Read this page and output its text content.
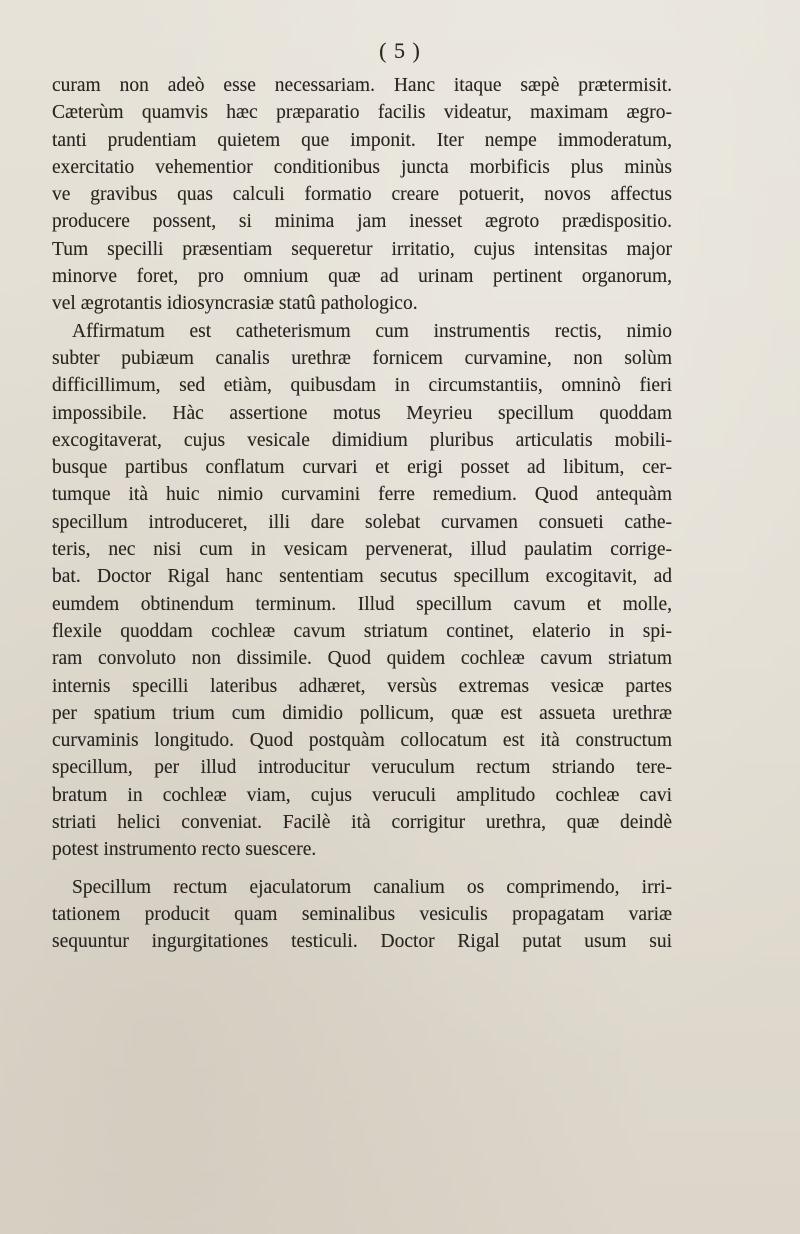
( 5 )
curam non adeò esse necessariam. Hanc itaque sæpè prætermisit.
Cæterùm quamvis hæc præparatio facilis videatur, maximam ægro-
tanti prudentiam quietem que imponit. Iter nempe immoderatum,
exercitatio vehementior conditionibus juncta morbificis plus minùs
ve gravibus quas calculi formatio creare potuerit, novos affectus
producere possent, si minima jam inesset ægroto prædispositio.
Tum specilli præsentiam sequeretur irritatio, cujus intensitas major
minorve foret, pro omnium quæ ad urinam pertinent organorum,
vel ægrotantis idiosyncrasiæ statû pathologico.
Affirmatum est catheterismum cum instrumentis rectis, nimio
subter pubiæum canalis urethræ fornicem curvamine, non solùm
difficillimum, sed etiàm, quibusdam in circumstantiis, omninò fieri
impossibile. Hàc assertione motus Meyrieu specillum quoddam
excogitaverat, cujus vesicale dimidium pluribus articulatis mobili-
busque partibus conflatum curvari et erigi posset ad libitum, cer-
tumque ità huic nimio curvamini ferre remedium. Quod antequàm
specillum introduceret, illi dare solebat curvamen consueti cathe-
teris, nec nisi cum in vesicam pervenerat, illud paulatim corrige-
bat. Doctor Rigal hanc sententiam secutus specillum excogitavit, ad
eumdem obtinendum terminum. Illud specillum cavum et molle,
flexile quoddam cochleæ cavum striatum continet, elaterio in spi-
ram convoluto non dissimile. Quod quidem cochleæ cavum striatum
internis specilli lateribus adhæret, versùs extremas vesicæ partes
per spatium trium cum dimidio pollicum, quæ est assueta urethræ
curvaminis longitudo. Quod postquàm collocatum est ità constructum
specillum, per illud introducitur veruculum rectum striando tere-
bratum in cochleæ viam, cujus veruculi amplitudo cochleæ cavi
striati helici conveniat. Facilè ità corrigitur urethra, quæ deindè
potest instrumento recto suescere.
Specillum rectum ejaculatorum canalium os comprimendo, irri-
tationem producit quam seminalibus vesiculis propagatam variæ
sequuntur ingurgitationes testiculi. Doctor Rigal putat usum sui
